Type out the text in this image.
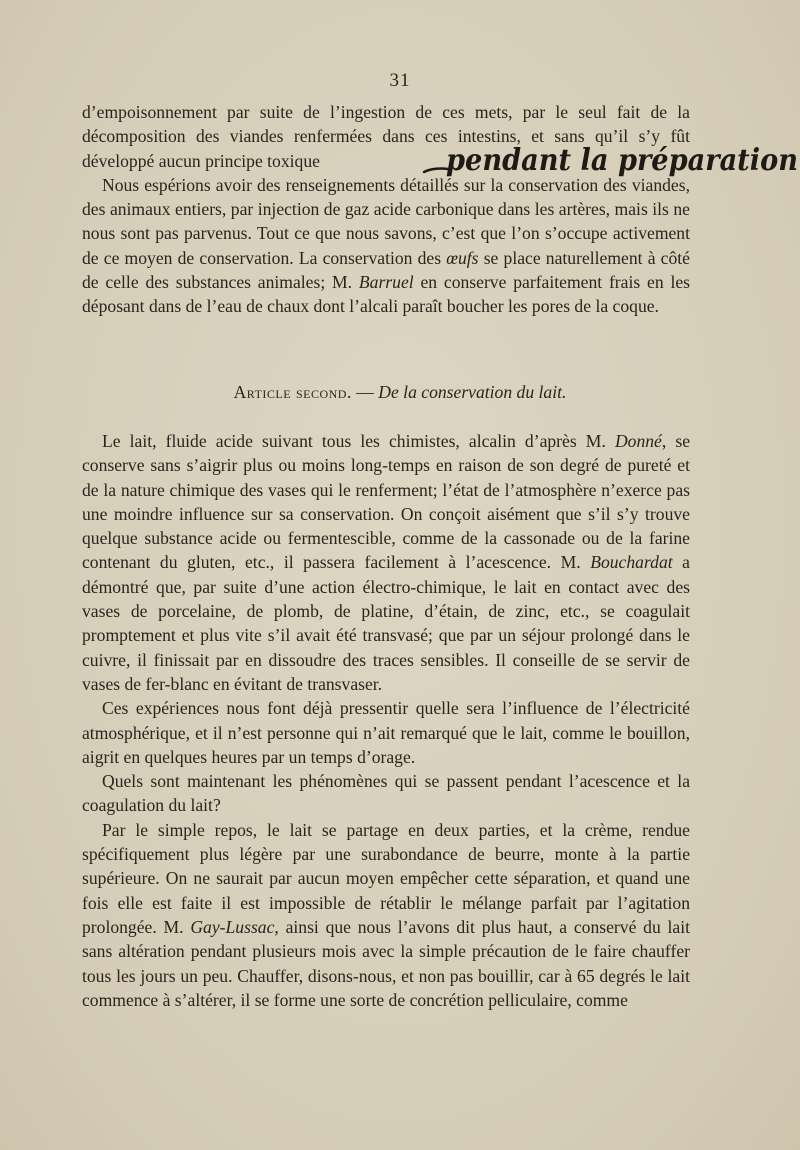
31

d’empoisonnement par suite de l’ingestion de ces mets, par le seul fait de la décomposition des viandes renfermées dans ces intestins, et sans qu’il s’y fût développé aucun principe toxique

Nous espérions avoir des renseignements détaillés sur la conservation des viandes, des animaux entiers, par injection de gaz acide carbonique dans les artères, mais ils ne nous sont pas parvenus. Tout ce que nous savons, c’est que l’on s’occupe activement de ce moyen de conservation. La conservation des œufs se place naturellement à côté de celle des substances animales; M. Barruel en conserve parfaitement frais en les déposant dans de l’eau de chaux dont l’alcali paraît boucher les pores de la coque.

pendant la préparation
Article second. — De la conservation du lait.

Le lait, fluide acide suivant tous les chimistes, alcalin d’après M. Donné, se conserve sans s’aigrir plus ou moins long-temps en raison de son degré de pureté et de la nature chimique des vases qui le renferment; l’état de l’atmosphère n’exerce pas une moindre influence sur sa conservation. On conçoit aisément que s’il s’y trouve quelque substance acide ou fermentescible, comme de la cassonade ou de la farine contenant du gluten, etc., il passera facilement à l’acescence. M. Bouchardat a démontré que, par suite d’une action électro-chimique, le lait en contact avec des vases de porcelaine, de plomb, de platine, d’étain, de zinc, etc., se coagulait promptement et plus vite s’il avait été transvasé; que par un séjour prolongé dans le cuivre, il finissait par en dissoudre des traces sensibles. Il conseille de se servir de vases de fer-blanc en évitant de transvaser.

Ces expériences nous font déjà pressentir quelle sera l’influence de l’électricité atmosphérique, et il n’est personne qui n’ait remarqué que le lait, comme le bouillon, aigrit en quelques heures par un temps d’orage.

Quels sont maintenant les phénomènes qui se passent pendant l’acescence et la coagulation du lait?

Par le simple repos, le lait se partage en deux parties, et la crème, rendue spécifiquement plus légère par une surabondance de beurre, monte à la partie supérieure. On ne saurait par aucun moyen empêcher cette séparation, et quand une fois elle est faite il est impossible de rétablir le mélange parfait par l’agitation prolongée. M. Gay-Lussac, ainsi que nous l’avons dit plus haut, a conservé du lait sans altération pendant plusieurs mois avec la simple précaution de le faire chauffer tous les jours un peu. Chauffer, disons-nous, et non pas bouillir, car à 65 degrés le lait commence à s’altérer, il se forme une sorte de concrétion pelliculaire, comme
